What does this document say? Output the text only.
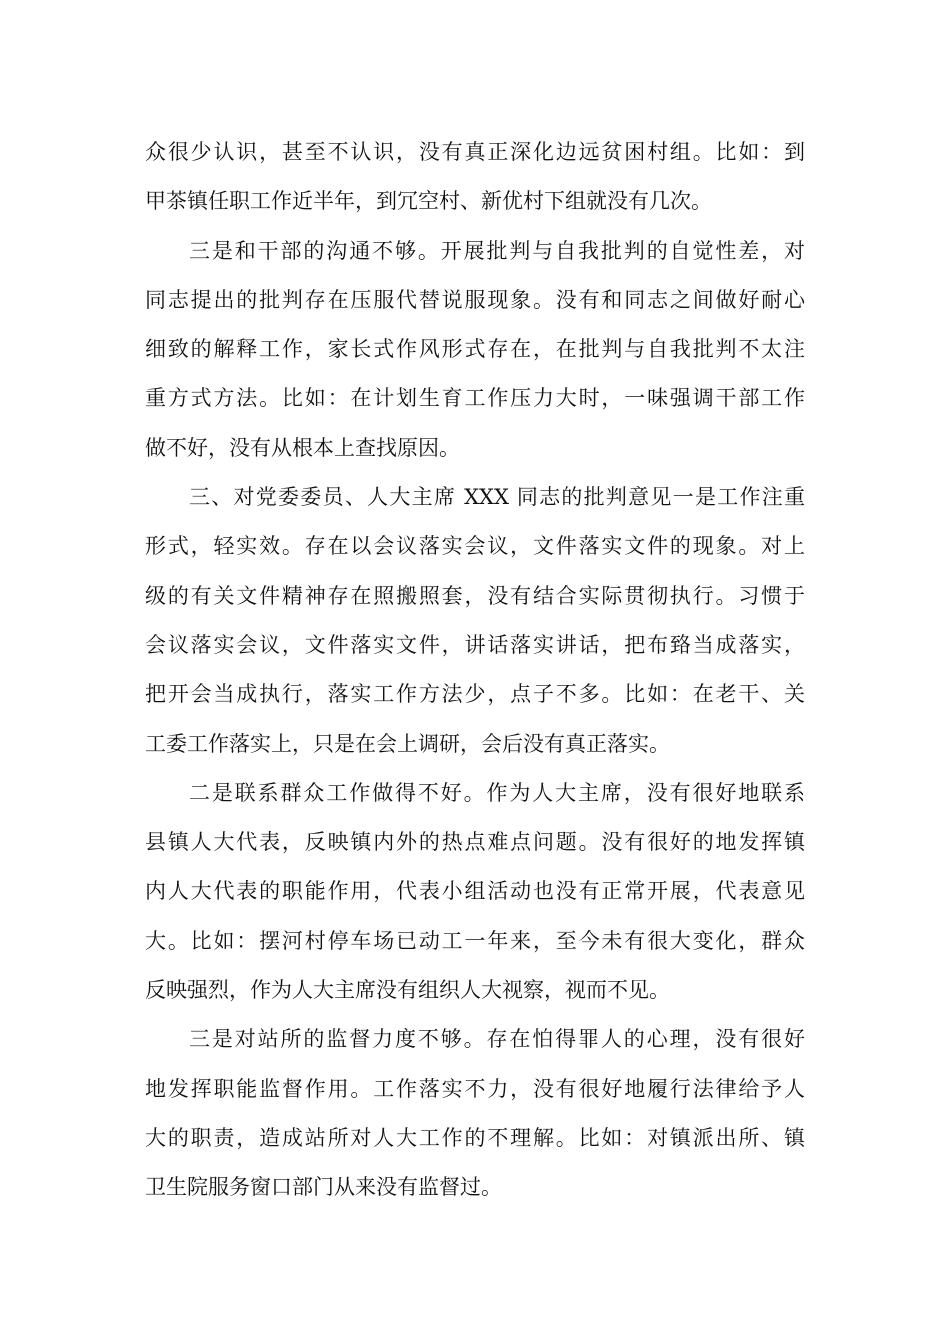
众很少认识，甚至不认识，没有真正深化边远贫困村组。比如：到
甲茶镇任职工作近半年，到冗空村、新优村下组就没有几次。
三是和干部的沟通不够。开展批判与自我批判的自觉性差，对
同志提出的批判存在压服代替说服现象。没有和同志之间做好耐心
细致的解释工作，家长式作风形式存在，在批判与自我批判不太注
重方式方法。比如：在计划生育工作压力大时，一味强调干部工作
做不好，没有从根本上查找原因。
三、对党委委员、人大主席 XXX 同志的批判意见一是工作注重
形式，轻实效。存在以会议落实会议，文件落实文件的现象。对上
级的有关文件精神存在照搬照套，没有结合实际贯彻执行。习惯于
会议落实会议，文件落实文件，讲话落实讲话，把布臵当成落实，
把开会当成执行，落实工作方法少，点子不多。比如：在老干、关
工委工作落实上，只是在会上调研，会后没有真正落实。
二是联系群众工作做得不好。作为人大主席，没有很好地联系
县镇人大代表，反映镇内外的热点难点问题。没有很好的地发挥镇
内人大代表的职能作用，代表小组活动也没有正常开展，代表意见
大。比如：摆河村停车场已动工一年来，至今未有很大变化，群众
反映强烈，作为人大主席没有组织人大视察，视而不见。
三是对站所的监督力度不够。存在怕得罪人的心理，没有很好
地发挥职能监督作用。工作落实不力，没有很好地履行法律给予人
大的职责，造成站所对人大工作的不理解。比如：对镇派出所、镇
卫生院服务窗口部门从来没有监督过。
